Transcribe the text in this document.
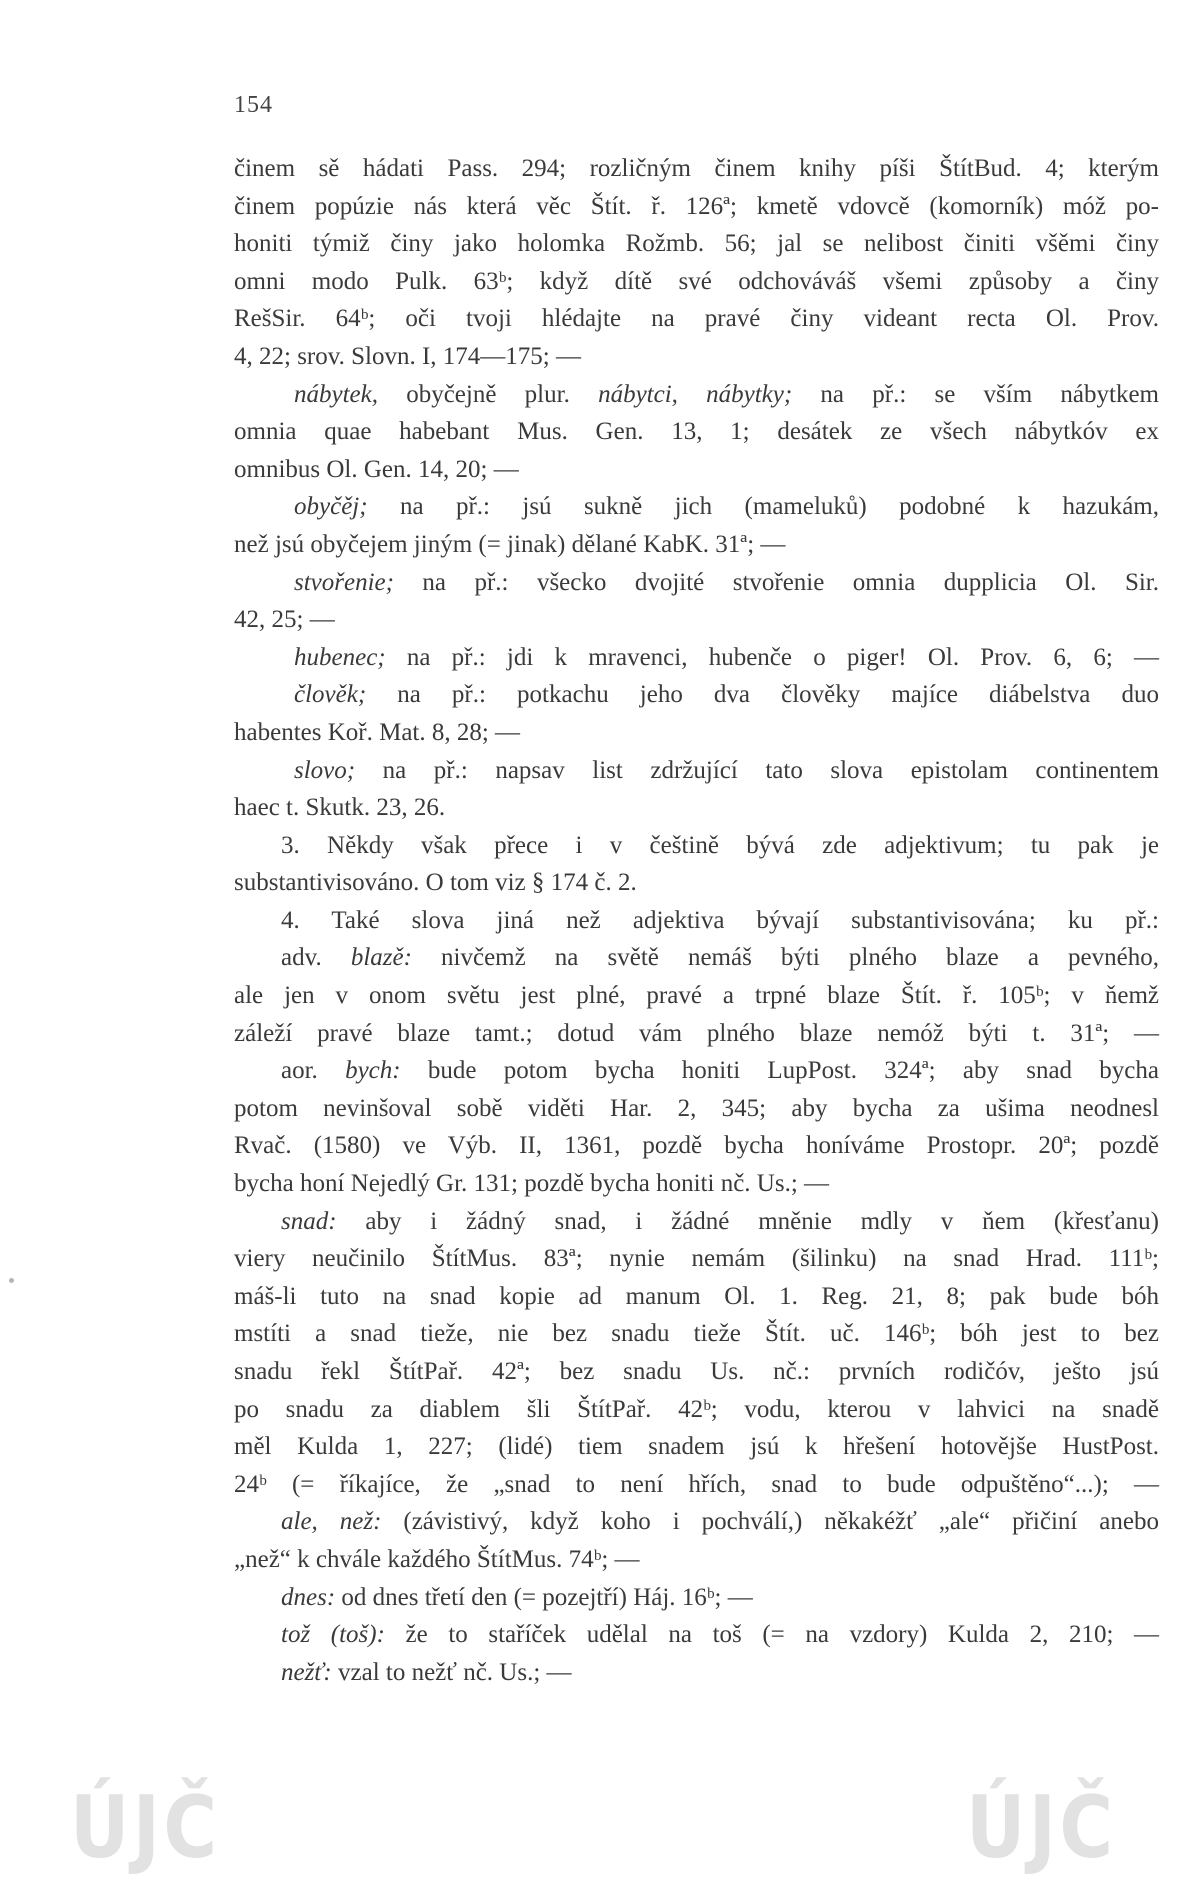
154
činem sě hádati Pass. 294; rozličným činem knihy píši ŠtítBud. 4; kterým
činem popúzie nás která věc Štít. ř. 126ª; kmetě vdovcě (komorník) móž po-
honiti týmiž činy jako holomka Rožmb. 56; jal se nelibost činiti všěmi činy
omni modo Pulk. 63ᵇ; když dítě své odchováváš všemi způsoby a činy
RešSir. 64ᵇ; oči tvoji hlédajte na pravé činy videant recta Ol. Prov.
4, 22; srov. Slovn. I, 174—175; —
nábytek, obyčejně plur. nábytci, nábytky; na př.: se vším nábytkem
omnia quae habebant Mus. Gen. 13, 1; desátek ze všech nábytkóv ex
omnibus Ol. Gen. 14, 20; —
obyčěj; na př.: jsú sukně jich (mameluků) podobné k hazukám,
než jsú obyčejem jiným (= jinak) dělané KabK. 31ª; —
stvořenie; na př.: všecko dvojité stvořenie omnia dupplicia Ol. Sir.
42, 25; —
hubenec; na př.: jdi k mravenci, hubenče o piger! Ol. Prov. 6, 6; —
člověk; na př.: potkachu jeho dva člověky majíce diábelstva duo
habentes Koř. Mat. 8, 28; —
slovo; na př.: napsav list zdržující tato slova epistolam continentem
haec t. Skutk. 23, 26.
3. Někdy však přece i v češtině bývá zde adjektivum; tu pak je
substantivisováno. O tom viz § 174 č. 2.
4. Také slova jiná než adjektiva bývají substantivisována; ku př.:
adv. blazě: nivčemž na světě nemáš býti plného blaze a pevného,
ale jen v onom světu jest plné, pravé a trpné blaze Štít. ř. 105ᵇ; v ňemž
záleží pravé blaze tamt.; dotud vám plného blaze nemóž býti t. 31ª; —
aor. bych: bude potom bycha honiti LupPost. 324ª; aby snad bycha
potom nevinšoval sobě viděti Har. 2, 345; aby bycha za ušima neodnesl
Rvač. (1580) ve Výb. II, 1361, pozdě bycha honíváme Prostopr. 20ª; pozdě
bycha honí Nejedlý Gr. 131; pozdě bycha honiti nč. Us.; —
snad: aby i žádný snad, i žádné mněnie mdly v ňem (křesťanu)
viery neučinilo ŠtítMus. 83ª; nynie nemám (šilinku) na snad Hrad. 111ᵇ;
máš-li tuto na snad kopie ad manum Ol. 1. Reg. 21, 8; pak bude bóh
mstíti a snad tieže, nie bez snadu tieže Štít. uč. 146ᵇ; bóh jest to bez
snadu řekl ŠtítPař. 42ª; bez snadu Us. nč.: prvních rodičóv, ješto jsú
po snadu za diablem šli ŠtítPař. 42ᵇ; vodu, kterou v lahvici na snadě
měl Kulda 1, 227; (lidé) tiem snadem jsú k hřešení hotovějše HustPost.
24ᵇ (= říkajíce, že „snad to není hřích, snad to bude odpuštěno“...); —
ale, než: (závistivý, když koho i pochválí,) někakéžť „ale“ přičiní anebo
„než“ k chvále každého ŠtítMus. 74ᵇ; —
dnes: od dnes třetí den (= pozejtří) Háj. 16ᵇ; —
tož (toš): že to staříček udělal na toš (= na vzdory) Kulda 2, 210; —
nežť: vzal to nežť nč. Us.; —
ÚJČ	ÚJČ
